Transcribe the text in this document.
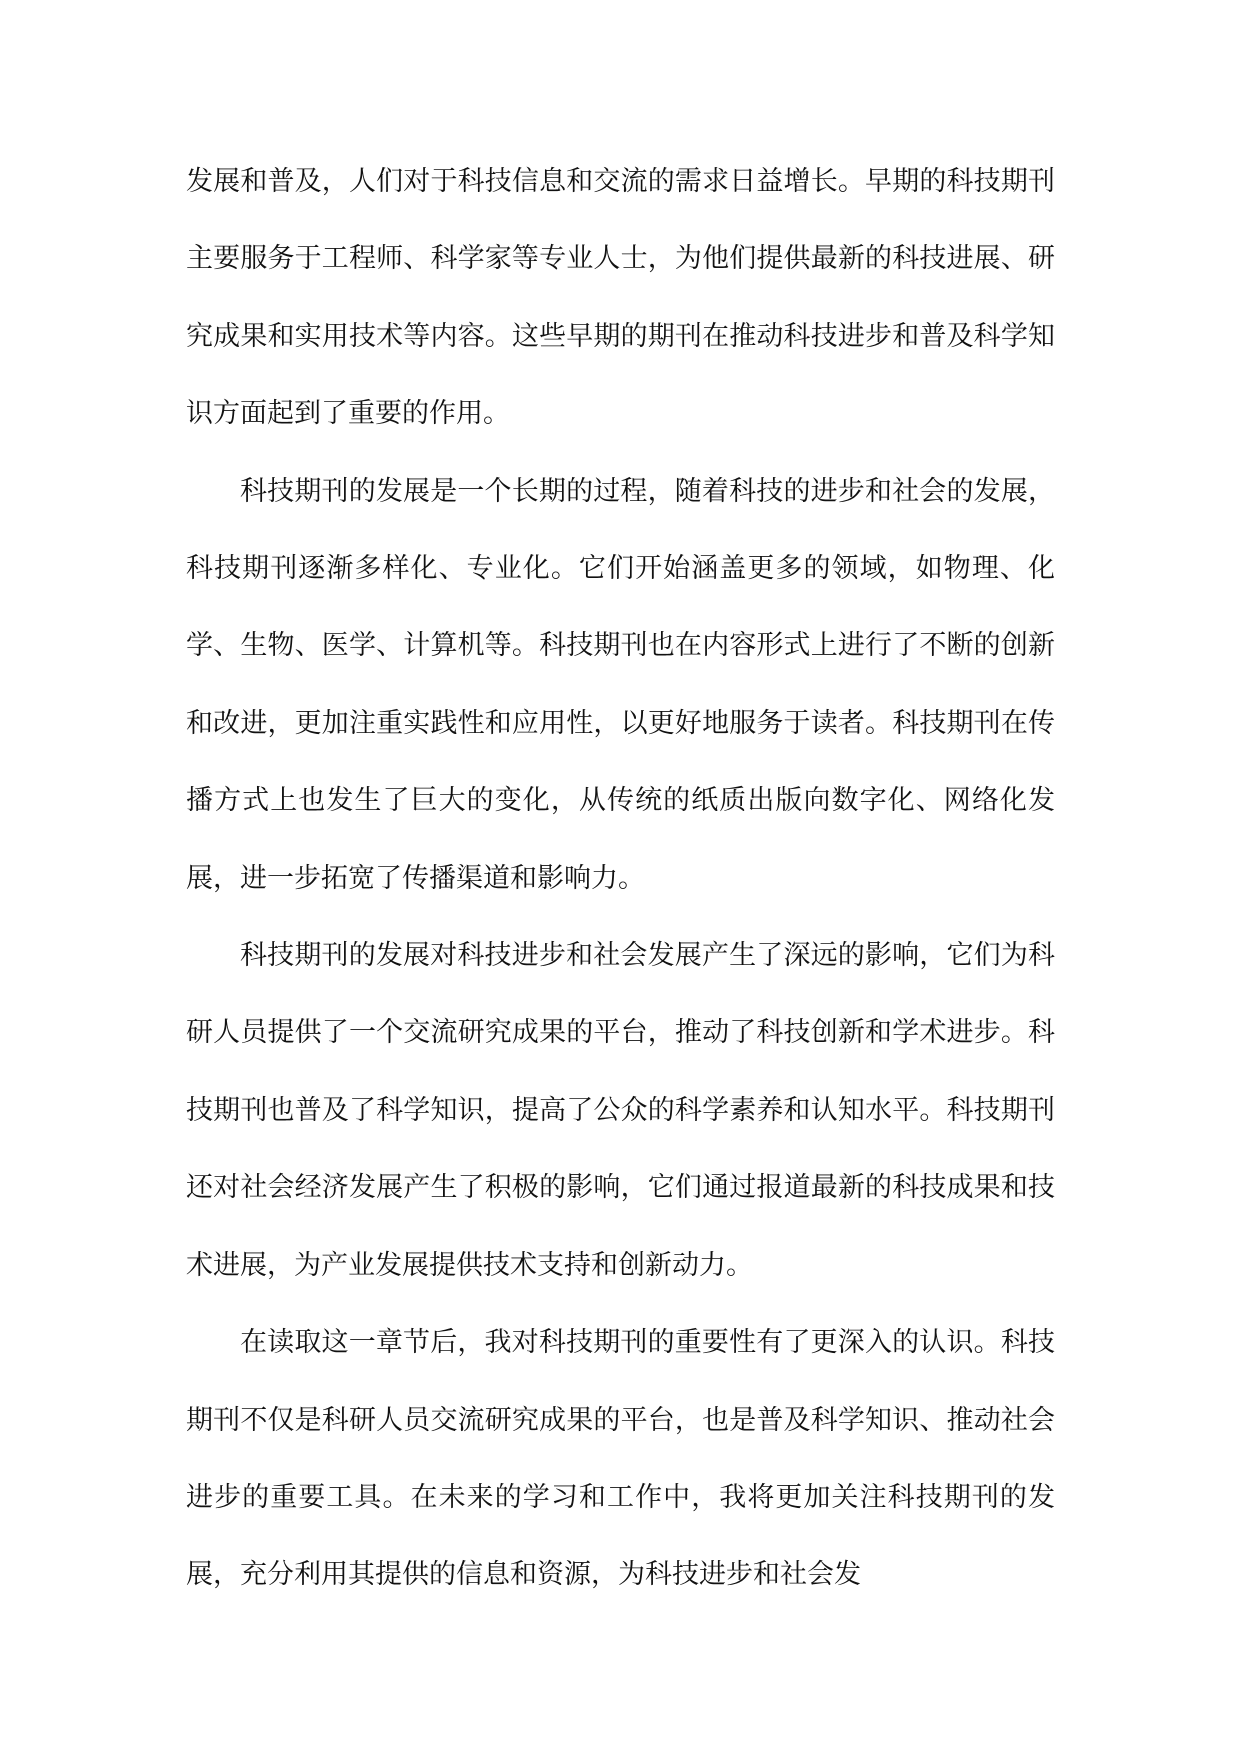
发展和普及，人们对于科技信息和交流的需求日益增长。早期的科技期刊主要服务于工程师、科学家等专业人士，为他们提供最新的科技进展、研究成果和实用技术等内容。这些早期的期刊在推动科技进步和普及科学知识方面起到了重要的作用。

科技期刊的发展是一个长期的过程，随着科技的进步和社会的发展，科技期刊逐渐多样化、专业化。它们开始涵盖更多的领域，如物理、化学、生物、医学、计算机等。科技期刊也在内容形式上进行了不断的创新和改进，更加注重实践性和应用性，以更好地服务于读者。科技期刊在传播方式上也发生了巨大的变化，从传统的纸质出版向数字化、网络化发展，进一步拓宽了传播渠道和影响力。

科技期刊的发展对科技进步和社会发展产生了深远的影响，它们为科研人员提供了一个交流研究成果的平台，推动了科技创新和学术进步。科技期刊也普及了科学知识，提高了公众的科学素养和认知水平。科技期刊还对社会经济发展产生了积极的影响，它们通过报道最新的科技成果和技术进展，为产业发展提供技术支持和创新动力。

在读取这一章节后，我对科技期刊的重要性有了更深入的认识。科技期刊不仅是科研人员交流研究成果的平台，也是普及科学知识、推动社会进步的重要工具。在未来的学习和工作中，我将更加关注科技期刊的发展，充分利用其提供的信息和资源，为科技进步和社会发
